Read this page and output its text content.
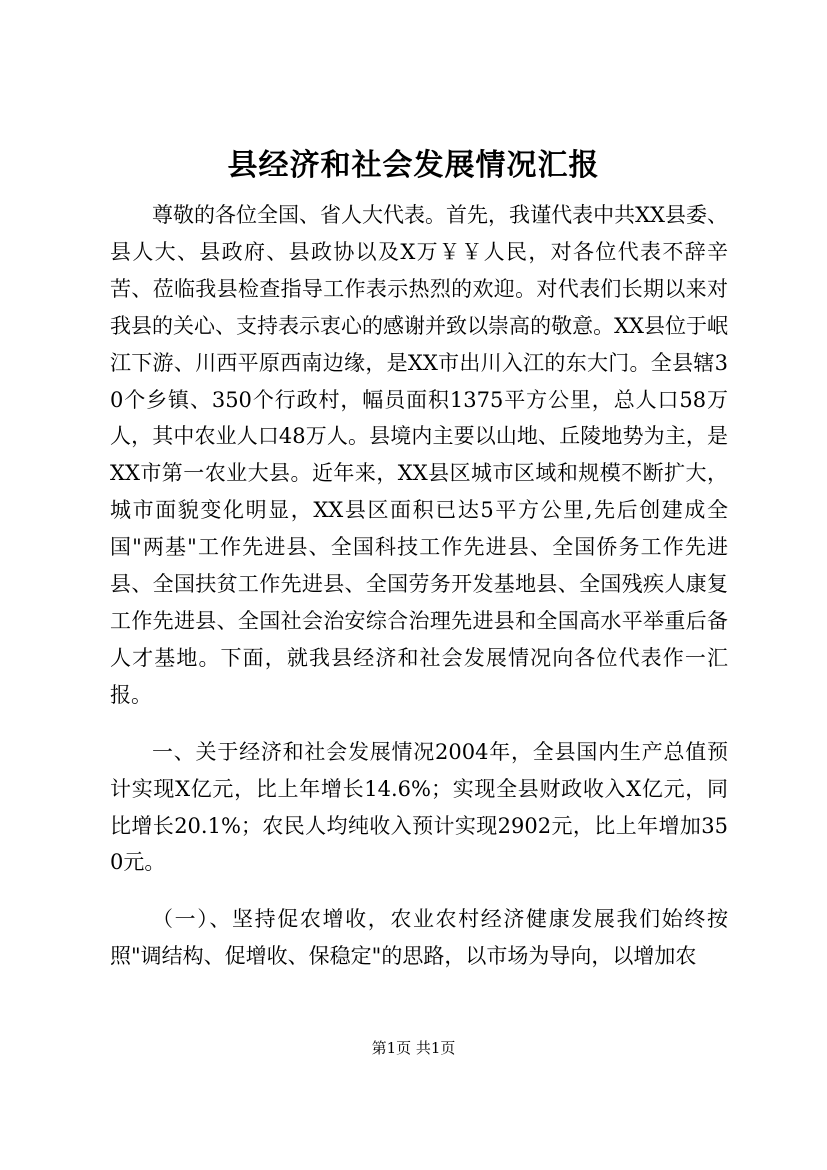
县经济和社会发展情况汇报

尊敬的各位全国、省人大代表。首先，我谨代表中共XX县委、县人大、县政府、县政协以及X万￥￥人民，对各位代表不辞辛苦、莅临我县检查指导工作表示热烈的欢迎。对代表们长期以来对我县的关心、支持表示衷心的感谢并致以崇高的敬意。XX县位于岷江下游、川西平原西南边缘，是XX市出川入江的东大门。全县辖30个乡镇、350个行政村，幅员面积1375平方公里，总人口58万人，其中农业人口48万人。县境内主要以山地、丘陵地势为主，是XX市第一农业大县。近年来，XX县区城市区域和规模不断扩大，城市面貌变化明显，XX县区面积已达5平方公里,先后创建成全国"两基"工作先进县、全国科技工作先进县、全国侨务工作先进县、全国扶贫工作先进县、全国劳务开发基地县、全国残疾人康复工作先进县、全国社会治安综合治理先进县和全国高水平举重后备人才基地。下面，就我县经济和社会发展情况向各位代表作一汇报。

一、关于经济和社会发展情况2004年，全县国内生产总值预计实现X亿元，比上年增长14.6%；实现全县财政收入X亿元，同比增长20.1%；农民人均纯收入预计实现2902元，比上年增加350元。

（一）、坚持促农增收，农业农村经济健康发展我们始终按照"调结构、促增收、保稳定"的思路，以市场为导向，以增加农

第1页 共1页
